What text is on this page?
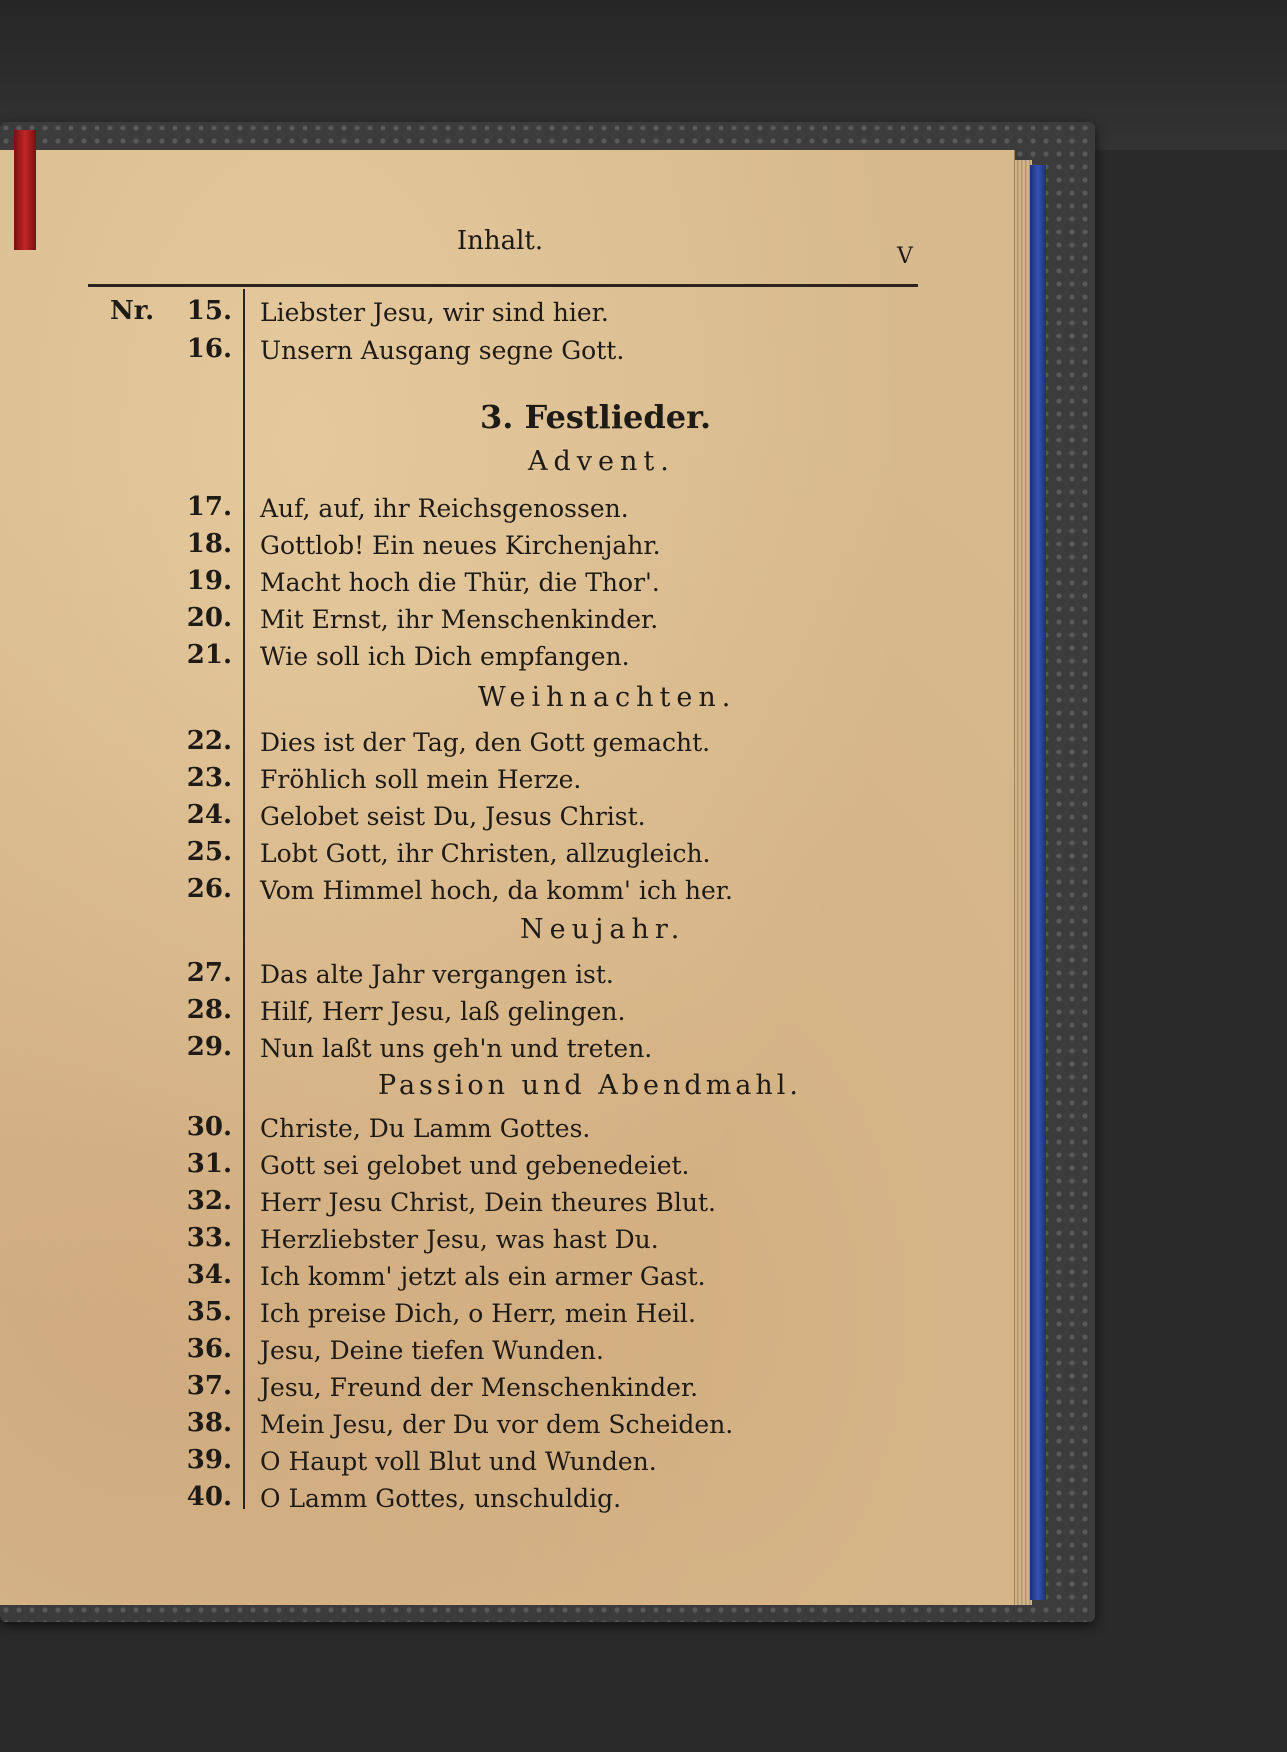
Inhalt.
V
Nr.	15. Liebster Jesu, wir sind hier.
16. Unsern Ausgang segne Gott.
3. Festlieder.
Advent.
17. Auf, auf, ihr Reichsgenossen.
18. Gottlob! Ein neues Kirchenjahr.
19. Macht hoch die Thür, die Thor'.
20. Mit Ernst, ihr Menschenkinder.
21. Wie soll ich Dich empfangen.
Weihnachten.
22. Dies ist der Tag, den Gott gemacht.
23. Fröhlich soll mein Herze.
24. Gelobet seist Du, Jesus Christ.
25. Lobt Gott, ihr Christen, allzugleich.
26. Vom Himmel hoch, da komm' ich her.
Neujahr.
27. Das alte Jahr vergangen ist.
28. Hilf, Herr Jesu, laß gelingen.
29. Nun laßt uns geh'n und treten.
Passion und Abendmahl.
30. Christe, Du Lamm Gottes.
31. Gott sei gelobet und gebenedeiet.
32. Herr Jesu Christ, Dein theures Blut.
33. Herzliebster Jesu, was hast Du.
34. Ich komm' jetzt als ein armer Gast.
35. Ich preise Dich, o Herr, mein Heil.
36. Jesu, Deine tiefen Wunden.
37. Jesu, Freund der Menschenkinder.
38. Mein Jesu, der Du vor dem Scheiden.
39. O Haupt voll Blut und Wunden.
40. O Lamm Gottes, unschuldig.
